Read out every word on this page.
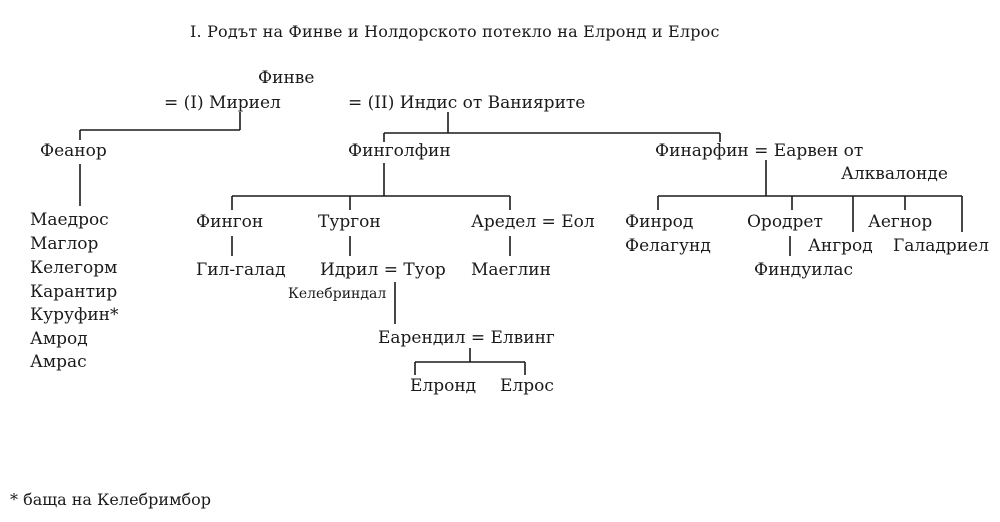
I. Родът на Финве и Нолдорското потекло на Елронд и Елрос
Финве
= (I) Мириел	= (II) Индис от Ваниярите
Феанор	Финголфин	Финарфин = Еарвен от
Алквалонде
Маедрос
Маглор
Келегорм
Карантир
Куруфин*
Амрод
Амрас
Фингон	Тургон	Аредел = Еол
Гил-галад Идрил = Туор Маеглин
Келебриндал
Еарендил = Елвинг
Елронд Елрос
Финрод
Фелагунд
Ородрет
Ангрод
Финдуилас
Аегнор
Галадриел
* баща на Келебримбор
